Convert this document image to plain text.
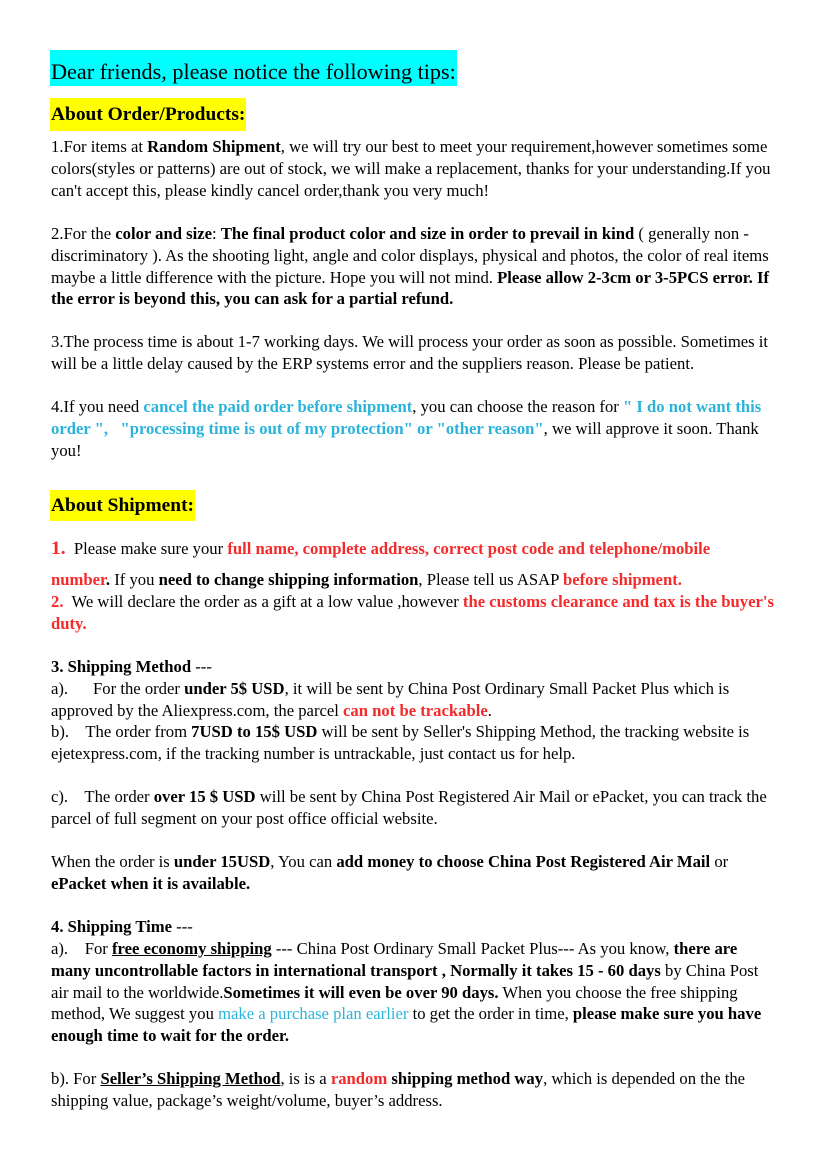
Dear friends, please notice the following tips:
About Order/Products:
1.For items at Random Shipment, we will try our best to meet your requirement,however sometimes some
colors(styles or patterns) are out of stock, we will make a replacement, thanks for your understanding.If you
can't accept this, please kindly cancel order,thank you very much!
2.For the color and size: The final product color and size in order to prevail in kind ( generally non -
discriminatory ). As the shooting light, angle and color displays, physical and photos, the color of real items
maybe a little difference with the picture. Hope you will not mind. Please allow 2-3cm or 3-5PCS error. If
the error is beyond this, you can ask for a partial refund.
3.The process time is about 1-7 working days. We will process your order as soon as possible. Sometimes it
will be a little delay caused by the ERP systems error and the suppliers reason. Please be patient.
4.If you need cancel the paid order before shipment, you can choose the reason for " I do not want this
order ",   "processing time is out of my protection" or "other reason", we will approve it soon. Thank
you!
About Shipment:
1.  Please make sure your full name, complete address, correct post code and telephone/mobile
number. If you need to change shipping information, Please tell us ASAP before shipment.
2.  We will declare the order as a gift at a low value ,however the customs clearance and tax is the buyer's
duty.
3. Shipping Method ---
a).      For the order under 5$ USD, it will be sent by China Post Ordinary Small Packet Plus which is
approved by the Aliexpress.com, the parcel can not be trackable.
b).    The order from 7USD to 15$ USD will be sent by Seller's Shipping Method, the tracking website is
ejetexpress.com, if the tracking number is untrackable, just contact us for help.
c).    The order over 15 $ USD will be sent by China Post Registered Air Mail or ePacket, you can track the
parcel of full segment on your post office official website.
When the order is under 15USD, You can add money to choose China Post Registered Air Mail or
ePacket when it is available.
4. Shipping Time ---
a).    For free economy shipping --- China Post Ordinary Small Packet Plus--- As you know, there are
many uncontrollable factors in international transport , Normally it takes 15 - 60 days by China Post
air mail to the worldwide.Sometimes it will even be over 90 days. When you choose the free shipping
method, We suggest you make a purchase plan earlier to get the order in time, please make sure you have
enough time to wait for the order.
b). For Seller’s Shipping Method, is is a random shipping method way, which is depended on the the
shipping value, package’s weight/volume, buyer’s address.
